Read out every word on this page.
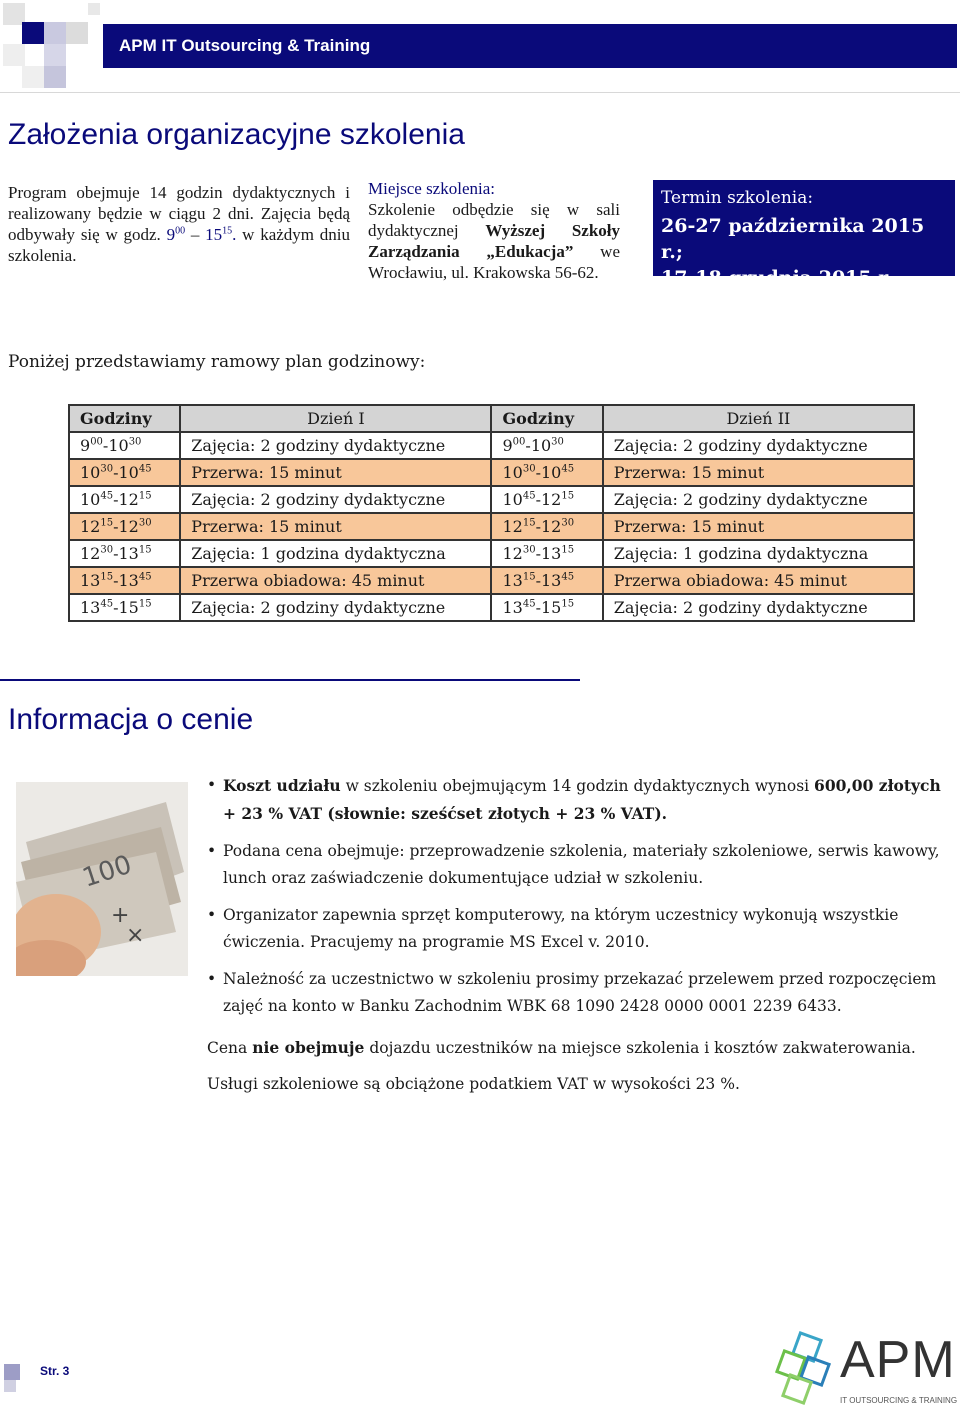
APM IT Outsourcing & Training
Założenia organizacyjne szkolenia
Program obejmuje 14 godzin dydaktycznych i realizowany będzie w ciągu 2 dni. Zajęcia będą odbywały się w godz. $9^{00} - 15^{15}$. w każdym dniu szkolenia.
Miejsce szkolenia:
Szkolenie odbędzie się w sali dydaktycznej Wyższej Szkoły Zarządzania „Edukacja” we Wrocławiu, ul. Krakowska 56-62.
Termin szkolenia:
26-27 października 2015 r.;
17-18 grudnia 2015 r.
Poniżej przedstawiamy ramowy plan godzinowy:
Godziny	Dzień I	Godziny	Dzień II
$9^{00}-10^{30}$	Zajęcia: 2 godziny dydaktyczne	$9^{00}-10^{30}$	Zajęcia: 2 godziny dydaktyczne
$10^{30}-10^{45}$	Przerwa: 15 minut	$10^{30}-10^{45}$	Przerwa: 15 minut
$10^{45}-12^{15}$	Zajęcia: 2 godziny dydaktyczne	$10^{45}-12^{15}$	Zajęcia: 2 godziny dydaktyczne
$12^{15}-12^{30}$	Przerwa: 15 minut	$12^{15}-12^{30}$	Przerwa: 15 minut
$12^{30}-13^{15}$	Zajęcia: 1 godzina dydaktyczna	$12^{30}-13^{15}$	Zajęcia: 1 godzina dydaktyczna
$13^{15}-13^{45}$	Przerwa obiadowa: 45 minut	$13^{15}-13^{45}$	Przerwa obiadowa: 45 minut
$13^{45}-15^{15}$	Zajęcia: 2 godziny dydaktyczne	$13^{45}-15^{15}$	Zajęcia: 2 godziny dydaktyczne
Informacja o cenie
100
+
×
• Koszt udziału w szkoleniu obejmującym 14 godzin dydaktycznych wynosi 600,00 złotych + 23 % VAT (słownie: sześćset złotych + 23 % VAT).
• Podana cena obejmuje: przeprowadzenie szkolenia, materiały szkoleniowe, serwis kawowy, lunch oraz zaświadczenie dokumentujące udział w szkoleniu.
• Organizator zapewnia sprzęt komputerowy, na którym uczestnicy wykonują wszystkie ćwiczenia. Pracujemy na programie MS Excel v. 2010.
• Należność za uczestnictwo w szkoleniu prosimy przekazać przelewem przed rozpoczęciem zajęć na konto w Banku Zachodnim WBK 68 1090 2428 0000 0001 2239 6433.
Cena nie obejmuje dojazdu uczestników na miejsce szkolenia i kosztów zakwaterowania.
Usługi szkoleniowe są obciążone podatkiem VAT w wysokości 23 %.
Str. 3	APM
IT OUTSOURCING & TRAINING
